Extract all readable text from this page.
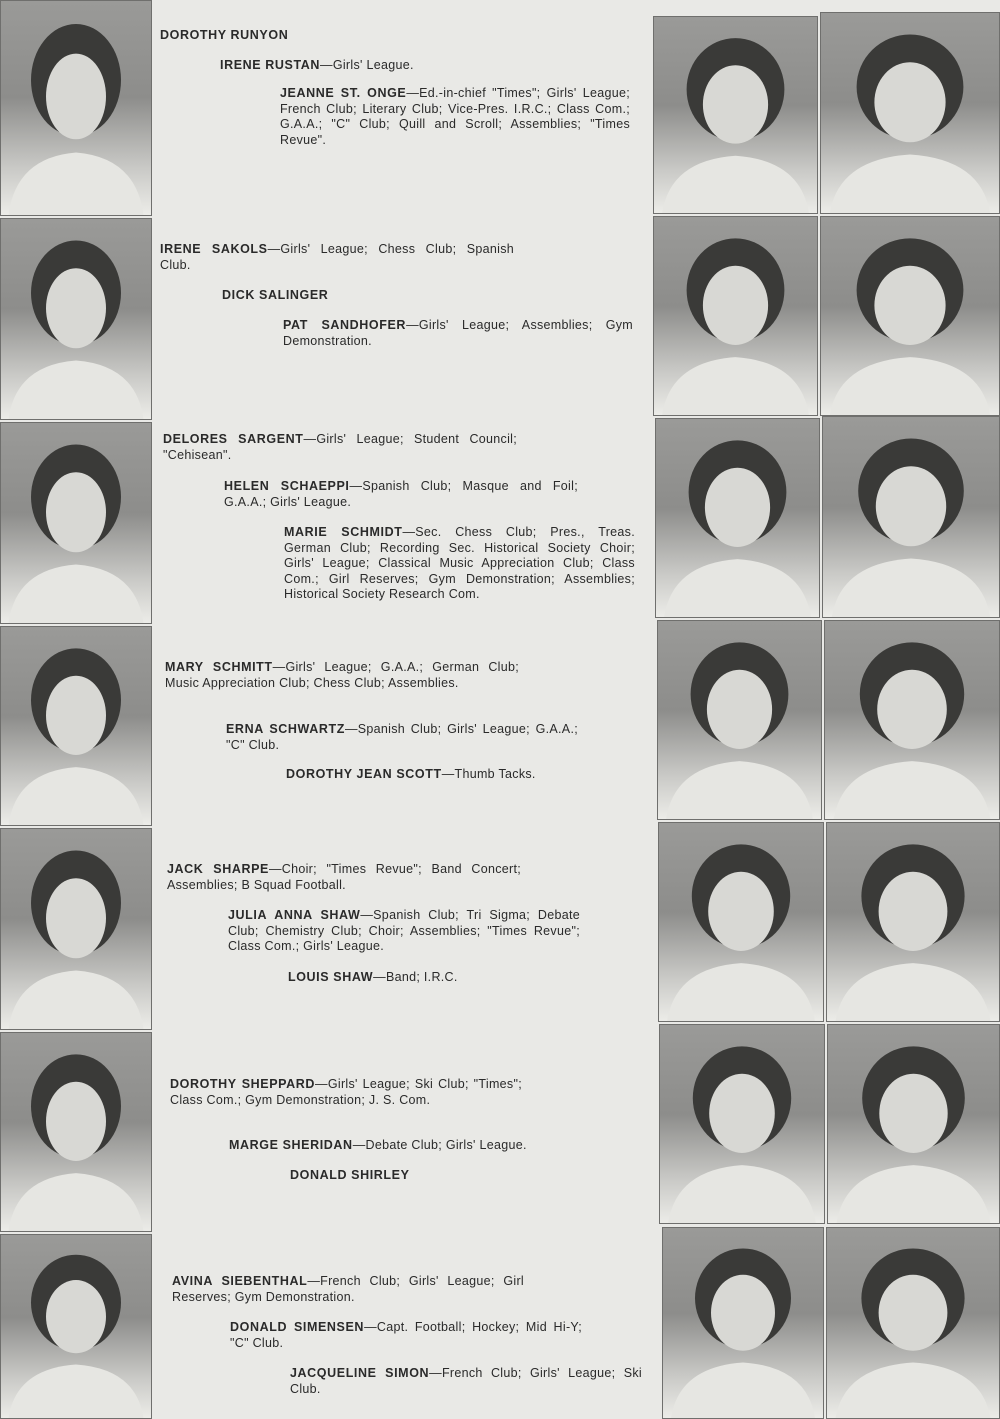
DOROTHY RUNYON
IRENE RUSTAN—Girls' League.
JEANNE ST. ONGE—Ed.-in-chief "Times"; Girls' League; French Club; Literary Club; Vice-Pres. I.R.C.; Class Com.; G.A.A.; "C" Club; Quill and Scroll; Assemblies; "Times Revue".
IRENE SAKOLS—Girls' League; Chess Club; Spanish Club.
DICK SALINGER
PAT SANDHOFER—Girls' League; Assemblies; Gym Demonstration.
DELORES SARGENT—Girls' League; Student Council; "Cehisean".
HELEN SCHAEPPI—Spanish Club; Masque and Foil; G.A.A.; Girls' League.
MARIE SCHMIDT—Sec. Chess Club; Pres., Treas. German Club; Recording Sec. Historical Society Choir; Girls' League; Classical Music Appreciation Club; Class Com.; Girl Reserves; Gym Demonstration; Assemblies; Historical Society Research Com.
MARY SCHMITT—Girls' League; G.A.A.; German Club; Music Appreciation Club; Chess Club; Assemblies.
ERNA SCHWARTZ—Spanish Club; Girls' League; G.A.A.; "C" Club.
DOROTHY JEAN SCOTT—Thumb Tacks.
JACK SHARPE—Choir; "Times Revue"; Band Concert; Assemblies; B Squad Football.
JULIA ANNA SHAW—Spanish Club; Tri Sigma; Debate Club; Chemistry Club; Choir; Assemblies; "Times Revue"; Class Com.; Girls' League.
LOUIS SHAW—Band; I.R.C.
DOROTHY SHEPPARD—Girls' League; Ski Club; "Times"; Class Com.; Gym Demonstration; J. S. Com.
MARGE SHERIDAN—Debate Club; Girls' League.
DONALD SHIRLEY
AVINA SIEBENTHAL—French Club; Girls' League; Girl Reserves; Gym Demonstration.
DONALD SIMENSEN—Capt. Football; Hockey; Mid Hi-Y; "C" Club.
JACQUELINE SIMON—French Club; Girls' League; Ski Club.
